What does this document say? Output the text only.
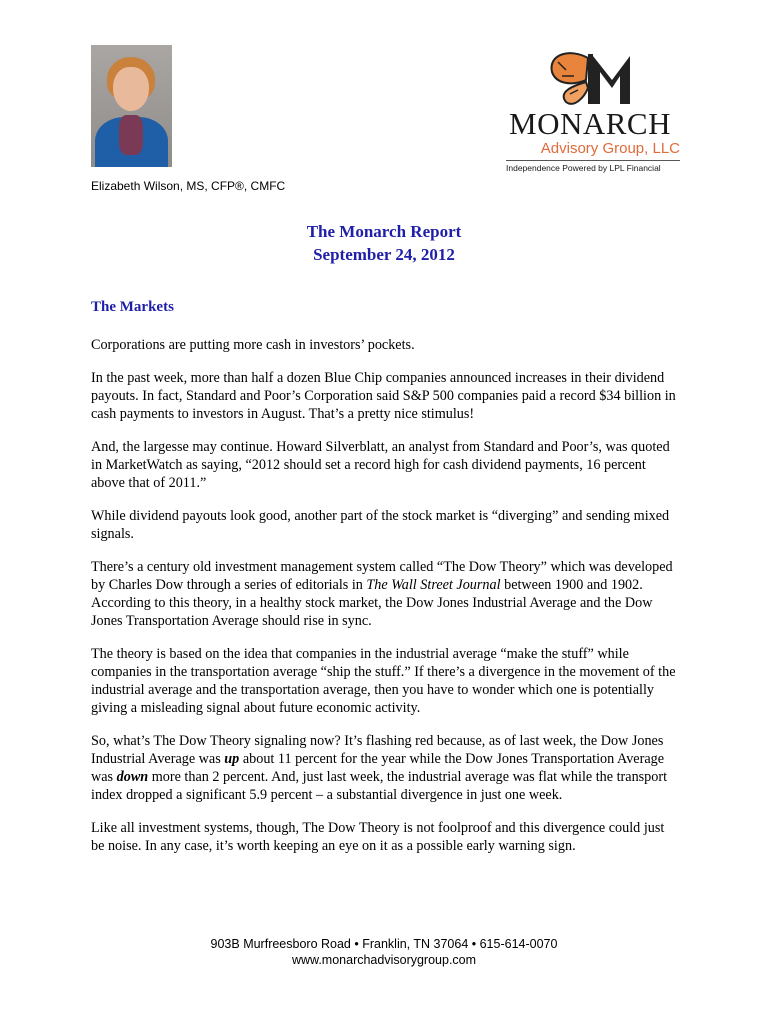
Elizabeth Wilson, MS, CFP®, CMFC
MONARCH
Advisory Group, LLC
Independence Powered by LPL Financial
The Monarch Report
September 24, 2012
The Markets

Corporations are putting more cash in investors’ pockets.

In the past week, more than half a dozen Blue Chip companies announced increases in their dividend payouts. In fact, Standard and Poor’s Corporation said S&P 500 companies paid a record $34 billion in cash payments to investors in August. That’s a pretty nice stimulus!

And, the largesse may continue. Howard Silverblatt, an analyst from Standard and Poor’s, was quoted in MarketWatch as saying, “2012 should set a record high for cash dividend payments, 16 percent above that of 2011.”

While dividend payouts look good, another part of the stock market is “diverging” and sending mixed signals.

There’s a century old investment management system called “The Dow Theory” which was developed by Charles Dow through a series of editorials in The Wall Street Journal between 1900 and 1902. According to this theory, in a healthy stock market, the Dow Jones Industrial Average and the Dow Jones Transportation Average should rise in sync.

The theory is based on the idea that companies in the industrial average “make the stuff” while companies in the transportation average “ship the stuff.” If there’s a divergence in the movement of the industrial average and the transportation average, then you have to wonder which one is potentially giving a misleading signal about future economic activity.

So, what’s The Dow Theory signaling now? It’s flashing red because, as of last week, the Dow Jones Industrial Average was up about 11 percent for the year while the Dow Jones Transportation Average was down more than 2 percent. And, just last week, the industrial average was flat while the transport index dropped a significant 5.9 percent – a substantial divergence in just one week.

Like all investment systems, though, The Dow Theory is not foolproof and this divergence could just be noise. In any case, it’s worth keeping an eye on it as a possible early warning sign.

903B Murfreesboro Road • Franklin, TN 37064 • 615-614-0070
www.monarchadvisorygroup.com
